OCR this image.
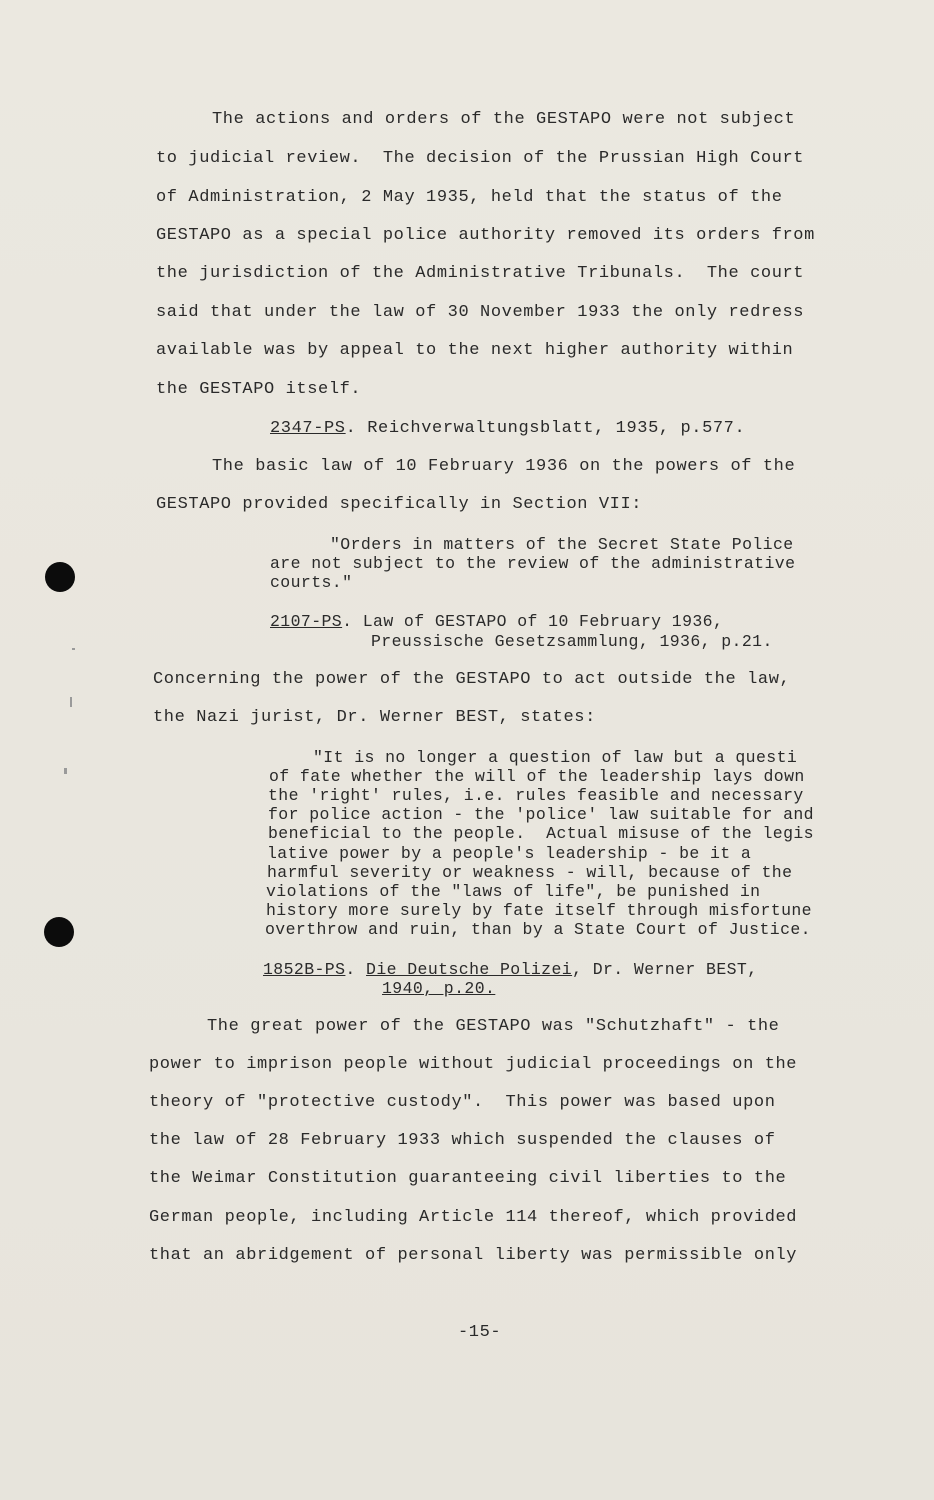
The actions and orders of the GESTAPO were not subject
to judicial review.  The decision of the Prussian High Court
of Administration, 2 May 1935, held that the status of the
GESTAPO as a special police authority removed its orders from
the jurisdiction of the Administrative Tribunals.  The court
said that under the law of 30 November 1933 the only redress
available was by appeal to the next higher authority within
the GESTAPO itself.
2347-PS. Reichverwaltungsblatt, 1935, p.577.
The basic law of 10 February 1936 on the powers of the
GESTAPO provided specifically in Section VII:
"Orders in matters of the Secret State Police
are not subject to the review of the administrative
courts."
2107-PS. Law of GESTAPO of 10 February 1936,
Preussische Gesetzsammlung, 1936, p.21.
Concerning the power of the GESTAPO to act outside the law,
the Nazi jurist, Dr. Werner BEST, states:
"It is no longer a question of law but a questi
of fate whether the will of the leadership lays down
the 'right' rules, i.e. rules feasible and necessary
for police action - the 'police' law suitable for and
beneficial to the people.  Actual misuse of the legis
lative power by a people's leadership - be it a
harmful severity or weakness - will, because of the
violations of the "laws of life", be punished in
history more surely by fate itself through misfortune
overthrow and ruin, than by a State Court of Justice.
1852B-PS. Die Deutsche Polizei, Dr. Werner BEST,
1940, p.20.
The great power of the GESTAPO was "Schutzhaft" - the
power to imprison people without judicial proceedings on the
theory of "protective custody".  This power was based upon
the law of 28 February 1933 which suspended the clauses of
the Weimar Constitution guaranteeing civil liberties to the
German people, including Article 114 thereof, which provided
that an abridgement of personal liberty was permissible only
-15-
